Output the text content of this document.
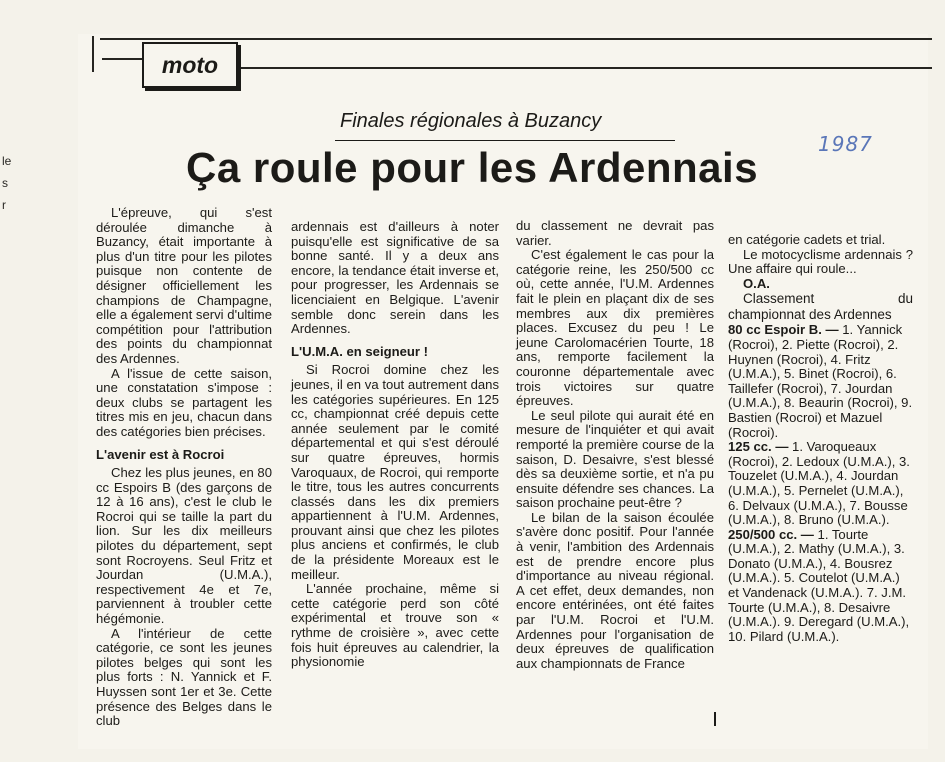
le
s
r
moto
Finales régionales à Buzancy
1987
Ça roule pour les Ardennais

L'épreuve, qui s'est déroulée dimanche à Buzancy, était importante à plus d'un titre pour les pilotes puisque non contente de désigner officiellement les champions de Champagne, elle a également servi d'ultime compétition pour l'attribution des points du championnat des Ardennes.

A l'issue de cette saison, une constatation s'impose : deux clubs se partagent les titres mis en jeu, chacun dans des catégories bien précises.

L'avenir est à Rocroi

Chez les plus jeunes, en 80 cc Espoirs B (des garçons de 12 à 16 ans), c'est le club le Rocroi qui se taille la part du lion. Sur les dix meilleurs pilotes du département, sept sont Rocroyens. Seul Fritz et Jourdan (U.M.A.), respectivement 4e et 7e, parviennent à troubler cette hégémonie.

A l'intérieur de cette catégorie, ce sont les jeunes pilotes belges qui sont les plus forts : N. Yannick et F. Huyssen sont 1er et 3e. Cette présence des Belges dans le club

ardennais est d'ailleurs à noter puisqu'elle est significative de sa bonne santé. Il y a deux ans encore, la tendance était inverse et, pour progresser, les Ardennais se licenciaient en Belgique. L'avenir semble donc serein dans les Ardennes.

L'U.M.A. en seigneur !

Si Rocroi domine chez les jeunes, il en va tout autrement dans les catégories supérieures. En 125 cc, championnat créé depuis cette année seulement par le comité départemental et qui s'est déroulé sur quatre épreuves, hormis Varoquaux, de Rocroi, qui remporte le titre, tous les autres concurrents classés dans les dix premiers appartiennent à l'U.M. Ardennes, prouvant ainsi que chez les pilotes plus anciens et confirmés, le club de la présidente Moreaux est le meilleur.

L'année prochaine, même si cette catégorie perd son côté expérimental et trouve son « rythme de croisière », avec cette fois huit épreuves au calendrier, la physionomie

du classement ne devrait pas varier.

C'est également le cas pour la catégorie reine, les 250/500 cc où, cette année, l'U.M. Ardennes fait le plein en plaçant dix de ses membres aux dix premières places. Excusez du peu ! Le jeune Carolomacérien Tourte, 18 ans, remporte facilement la couronne départementale avec trois victoires sur quatre épreuves.

Le seul pilote qui aurait été en mesure de l'inquiéter et qui avait remporté la première course de la saison, D. Desaivre, s'est blessé dès sa deuxième sortie, et n'a pu ensuite défendre ses chances. La saison prochaine peut-être ?

Le bilan de la saison écoulée s'avère donc positif. Pour l'année à venir, l'ambition des Ardennais est de prendre encore plus d'importance au niveau régional. A cet effet, deux demandes, non encore entérinées, ont été faites par l'U.M. Rocroi et l'U.M. Ardennes pour l'organisation de deux épreuves de qualification aux championnats de France

en catégorie cadets et trial.

Le motocyclisme ardennais ? Une affaire qui roule...

O.A.

Classement du championnat des Ardennes

80 cc Espoir B. — 1. Yannick (Rocroi), 2. Piette (Rocroi), 2. Huynen (Rocroi), 4. Fritz (U.M.A.), 5. Binet (Rocroi), 6. Taillefer (Rocroi), 7. Jourdan (U.M.A.), 8. Beaurin (Rocroi), 9. Bastien (Rocroi) et Mazuel (Rocroi).

125 cc. — 1. Varoqueaux (Rocroi), 2. Ledoux (U.M.A.), 3. Touzelet (U.M.A.), 4. Jourdan (U.M.A.), 5. Pernelet (U.M.A.), 6. Delvaux (U.M.A.), 7. Bousse (U.M.A.), 8. Bruno (U.M.A.).

250/500 cc. — 1. Tourte (U.M.A.), 2. Mathy (U.M.A.), 3. Donato (U.M.A.), 4. Bousrez (U.M.A.). 5. Coutelot (U.M.A.) et Vandenack (U.M.A.). 7. J.M. Tourte (U.M.A.), 8. Desaivre (U.M.A.). 9. Deregard (U.M.A.), 10. Pilard (U.M.A.).
